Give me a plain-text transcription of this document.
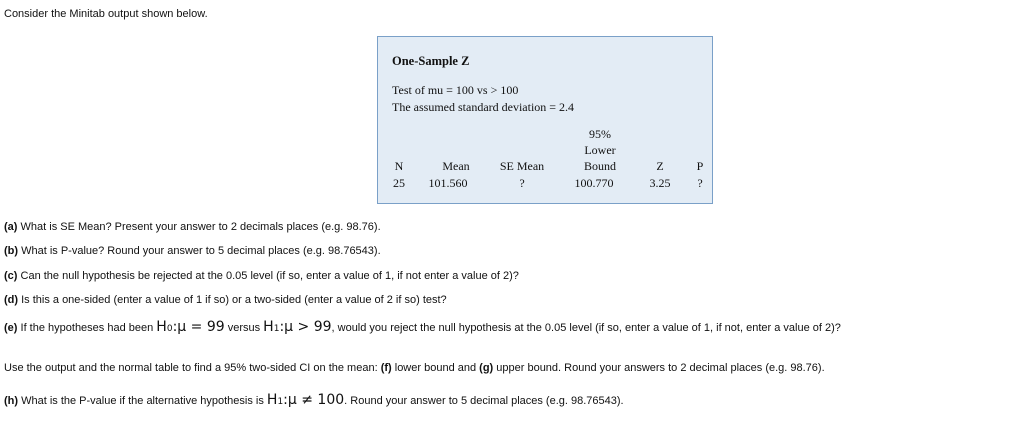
Consider the Minitab output shown below.
One-Sample Z
Test of mu = 100 vs > 100
The assumed standard deviation = 2.4
95%
Lower
N	Mean	SE Mean	Bound	Z	P
25	101.560	?	100.770	3.25	?
(a) What is SE Mean? Present your answer to 2 decimals places (e.g. 98.76).
(b) What is P-value? Round your answer to 5 decimal places (e.g. 98.76543).
(c) Can the null hypothesis be rejected at the 0.05 level (if so, enter a value of 1, if not enter a value of 2)?
(d) Is this a one-sided (enter a value of 1 if so) or a two-sided (enter a value of 2 if so) test?
(e) If the hypotheses had been H0:μ = 99 versus H1:μ > 99, would you reject the null hypothesis at the 0.05 level (if so, enter a value of 1, if not, enter a value of 2)?
Use the output and the normal table to find a 95% two-sided CI on the mean: (f) lower bound and (g) upper bound. Round your answers to 2 decimal places (e.g. 98.76).
(h) What is the P-value if the alternative hypothesis is H1:μ ≠ 100. Round your answer to 5 decimal places (e.g. 98.76543).
